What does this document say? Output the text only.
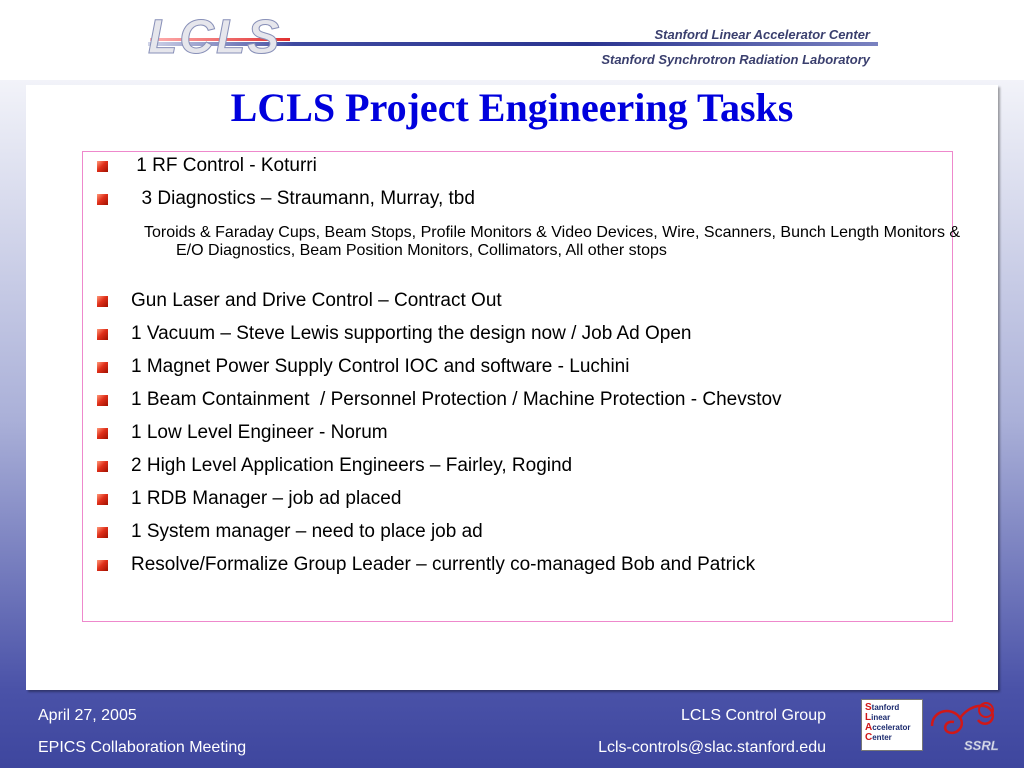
LCLS	Stanford Linear Accelerator Center
Stanford Synchrotron Radiation Laboratory
LCLS Project Engineering Tasks
1 RF Control - Koturri
3 Diagnostics – Straumann, Murray, tbd
Toroids & Faraday Cups, Beam Stops, Profile Monitors & Video Devices, Wire, Scanners, Bunch Length Monitors & E/O Diagnostics, Beam Position Monitors, Collimators, All other stops
Gun Laser and Drive Control – Contract Out
1 Vacuum – Steve Lewis supporting the design now / Job Ad Open
1 Magnet Power Supply Control IOC and software - Luchini
1 Beam Containment  / Personnel Protection / Machine Protection - Chevstov
1 Low Level Engineer - Norum
2 High Level Application Engineers – Fairley, Rogind
1 RDB Manager – job ad placed
1 System manager – need to place job ad
Resolve/Formalize Group Leader – currently co-managed Bob and Patrick
April 27, 2005
EPICS Collaboration Meeting
LCLS Control Group
Lcls-controls@slac.stanford.edu
Stanford
Linear
Accelerator
Center
SSRL
